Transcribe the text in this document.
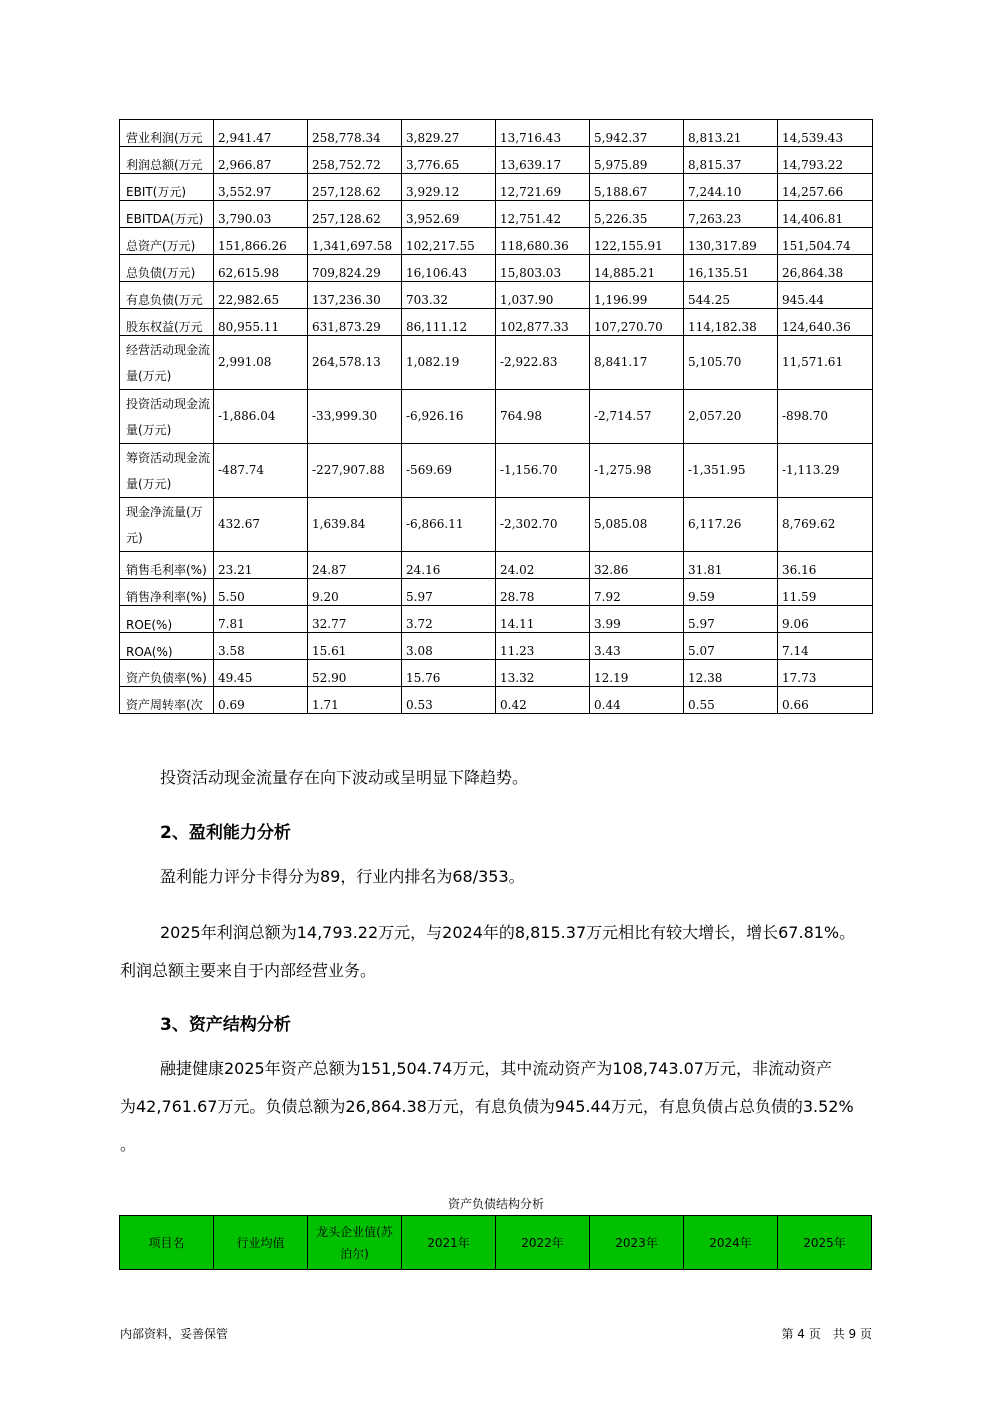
营业利润(万元	2,941.47	258,778.34	3,829.27	13,716.43	5,942.37	8,813.21	14,539.43
利润总额(万元	2,966.87	258,752.72	3,776.65	13,639.17	5,975.89	8,815.37	14,793.22
EBIT(万元)	3,552.97	257,128.62	3,929.12	12,721.69	5,188.67	7,244.10	14,257.66
EBITDA(万元)	3,790.03	257,128.62	3,952.69	12,751.42	5,226.35	7,263.23	14,406.81
总资产(万元)	151,866.26	1,341,697.58	102,217.55	118,680.36	122,155.91	130,317.89	151,504.74
总负债(万元)	62,615.98	709,824.29	16,106.43	15,803.03	14,885.21	16,135.51	26,864.38
有息负债(万元	22,982.65	137,236.30	703.32	1,037.90	1,196.99	544.25	945.44
股东权益(万元	80,955.11	631,873.29	86,111.12	102,877.33	107,270.70	114,182.38	124,640.36
经营活动现金流量(万元)	2,991.08	264,578.13	1,082.19	-2,922.83	8,841.17	5,105.70	11,571.61
投资活动现金流量(万元)	-1,886.04	-33,999.30	-6,926.16	764.98	-2,714.57	2,057.20	-898.70
筹资活动现金流量(万元)	-487.74	-227,907.88	-569.69	-1,156.70	-1,275.98	-1,351.95	-1,113.29
现金净流量(万元)	432.67	1,639.84	-6,866.11	-2,302.70	5,085.08	6,117.26	8,769.62
销售毛利率(%)	23.21	24.87	24.16	24.02	32.86	31.81	36.16
销售净利率(%)	5.50	9.20	5.97	28.78	7.92	9.59	11.59
ROE(%)	7.81	32.77	3.72	14.11	3.99	5.97	9.06
ROA(%)	3.58	15.61	3.08	11.23	3.43	5.07	7.14
资产负债率(%)	49.45	52.90	15.76	13.32	12.19	12.38	17.73
资产周转率(次	0.69	1.71	0.53	0.42	0.44	0.55	0.66
投资活动现金流量存在向下波动或呈明显下降趋势。
2、盈利能力分析
盈利能力评分卡得分为89，行业内排名为68/353。
2025年利润总额为14,793.22万元，与2024年的8,815.37万元相比有较大增长，增长67.81%。
利润总额主要来自于内部经营业务。
3、资产结构分析
融捷健康2025年资产总额为151,504.74万元，其中流动资产为108,743.07万元，非流动资产
为42,761.67万元。负债总额为26,864.38万元，有息负债为945.44万元，有息负债占总负债的3.52%
。
资产负债结构分析
项目名	行业均值	龙头企业值(苏泊尔)	2021年	2022年	2023年	2024年	2025年
内部资料，妥善保管	第 4 页　共 9 页
